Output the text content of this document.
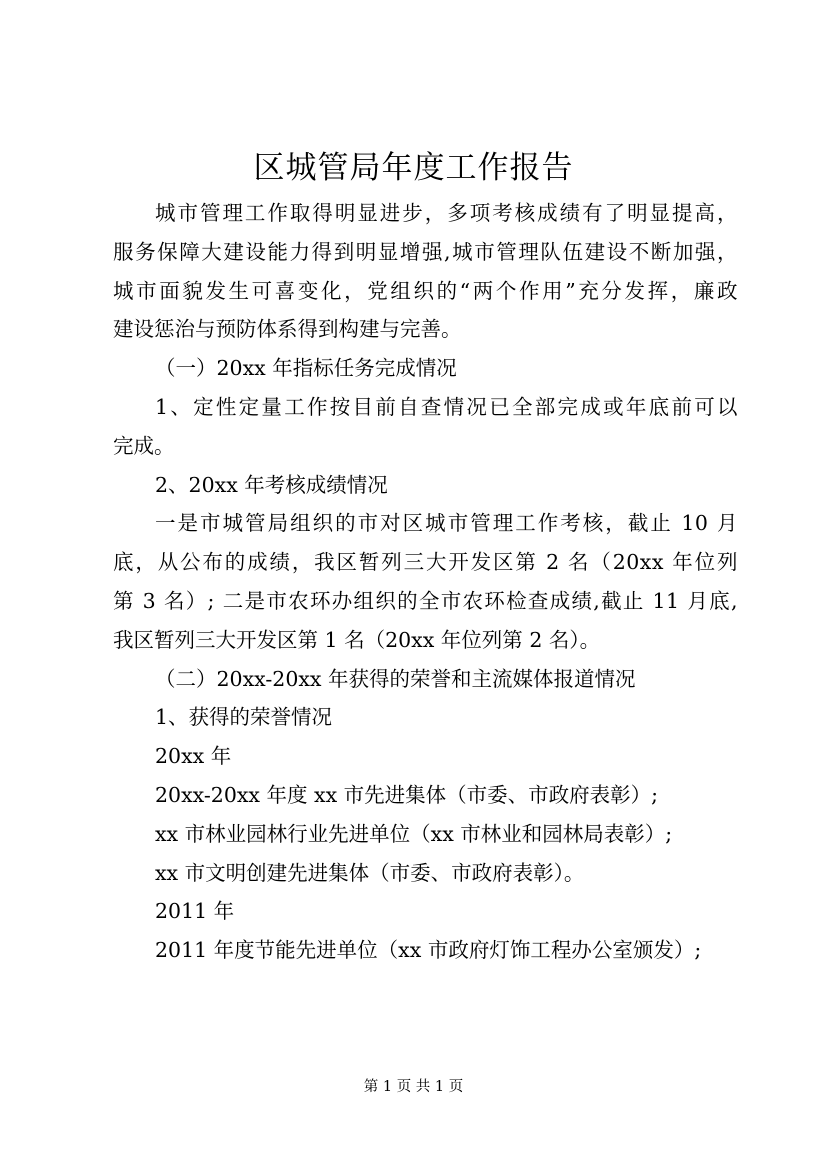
区城管局年度工作报告
城市管理工作取得明显进步，多项考核成绩有了明显提高，
服务保障大建设能力得到明显增强,城市管理队伍建设不断加强，
城市面貌发生可喜变化，党组织的“两个作用”充分发挥，廉政
建设惩治与预防体系得到构建与完善。
（一）20xx 年指标任务完成情况
1、定性定量工作按目前自查情况已全部完成或年底前可以
完成。
2、20xx 年考核成绩情况
一是市城管局组织的市对区城市管理工作考核，截止 10 月
底，从公布的成绩，我区暂列三大开发区第 2 名（20xx 年位列
第 3 名）; 二是市农环办组织的全市农环检查成绩,截止 11 月底,
我区暂列三大开发区第 1 名（20xx 年位列第 2 名）。
（二）20xx-20xx 年获得的荣誉和主流媒体报道情况
1、获得的荣誉情况
20xx 年
20xx-20xx 年度 xx 市先进集体（市委、市政府表彰）;
xx 市林业园林行业先进单位（xx 市林业和园林局表彰）;
xx 市文明创建先进集体（市委、市政府表彰）。
2011 年
2011 年度节能先进单位（xx 市政府灯饰工程办公室颁发）;
第 1 页 共 1 页
